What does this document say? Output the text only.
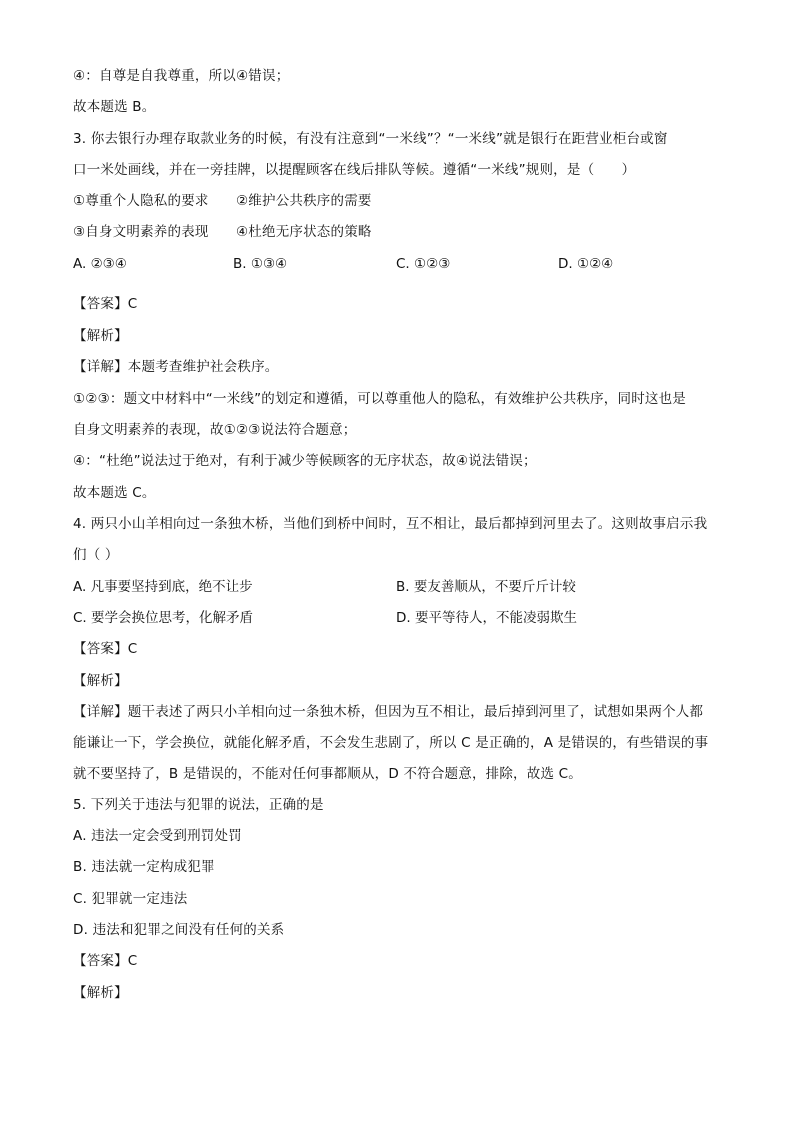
④：自尊是自我尊重，所以④错误；
故本题选 B。
3. 你去银行办理存取款业务的时候，有没有注意到“一米线”？“一米线”就是银行在距营业柜台或窗
口一米处画线，并在一旁挂牌，以提醒顾客在线后排队等候。遵循“一米线”规则，是（　　）
①尊重个人隐私的要求　　②维护公共秩序的需要
③自身文明素养的表现　　④杜绝无序状态的策略
A. ②③④	B. ①③④	C. ①②③	D. ①②④
【答案】C
【解析】
【详解】本题考查维护社会秩序。
①②③：题文中材料中“一米线”的划定和遵循，可以尊重他人的隐私，有效维护公共秩序，同时这也是
自身文明素养的表现，故①②③说法符合题意；
④：“杜绝”说法过于绝对，有利于减少等候顾客的无序状态，故④说法错误；
故本题选 C。
4. 两只小山羊相向过一条独木桥，当他们到桥中间时，互不相让，最后都掉到河里去了。这则故事启示我
们（ ）
A. 凡事要坚持到底，绝不让步	B. 要友善顺从，不要斤斤计较
C. 要学会换位思考，化解矛盾	D. 要平等待人，不能凌弱欺生
【答案】C
【解析】
【详解】题干表述了两只小羊相向过一条独木桥，但因为互不相让，最后掉到河里了，试想如果两个人都
能谦让一下，学会换位，就能化解矛盾，不会发生悲剧了，所以 C 是正确的，A 是错误的，有些错误的事
就不要坚持了，B 是错误的，不能对任何事都顺从，D 不符合题意，排除，故选 C。
5. 下列关于违法与犯罪的说法，正确的是
A. 违法一定会受到刑罚处罚
B. 违法就一定构成犯罪
C. 犯罪就一定违法
D. 违法和犯罪之间没有任何的关系
【答案】C
【解析】
